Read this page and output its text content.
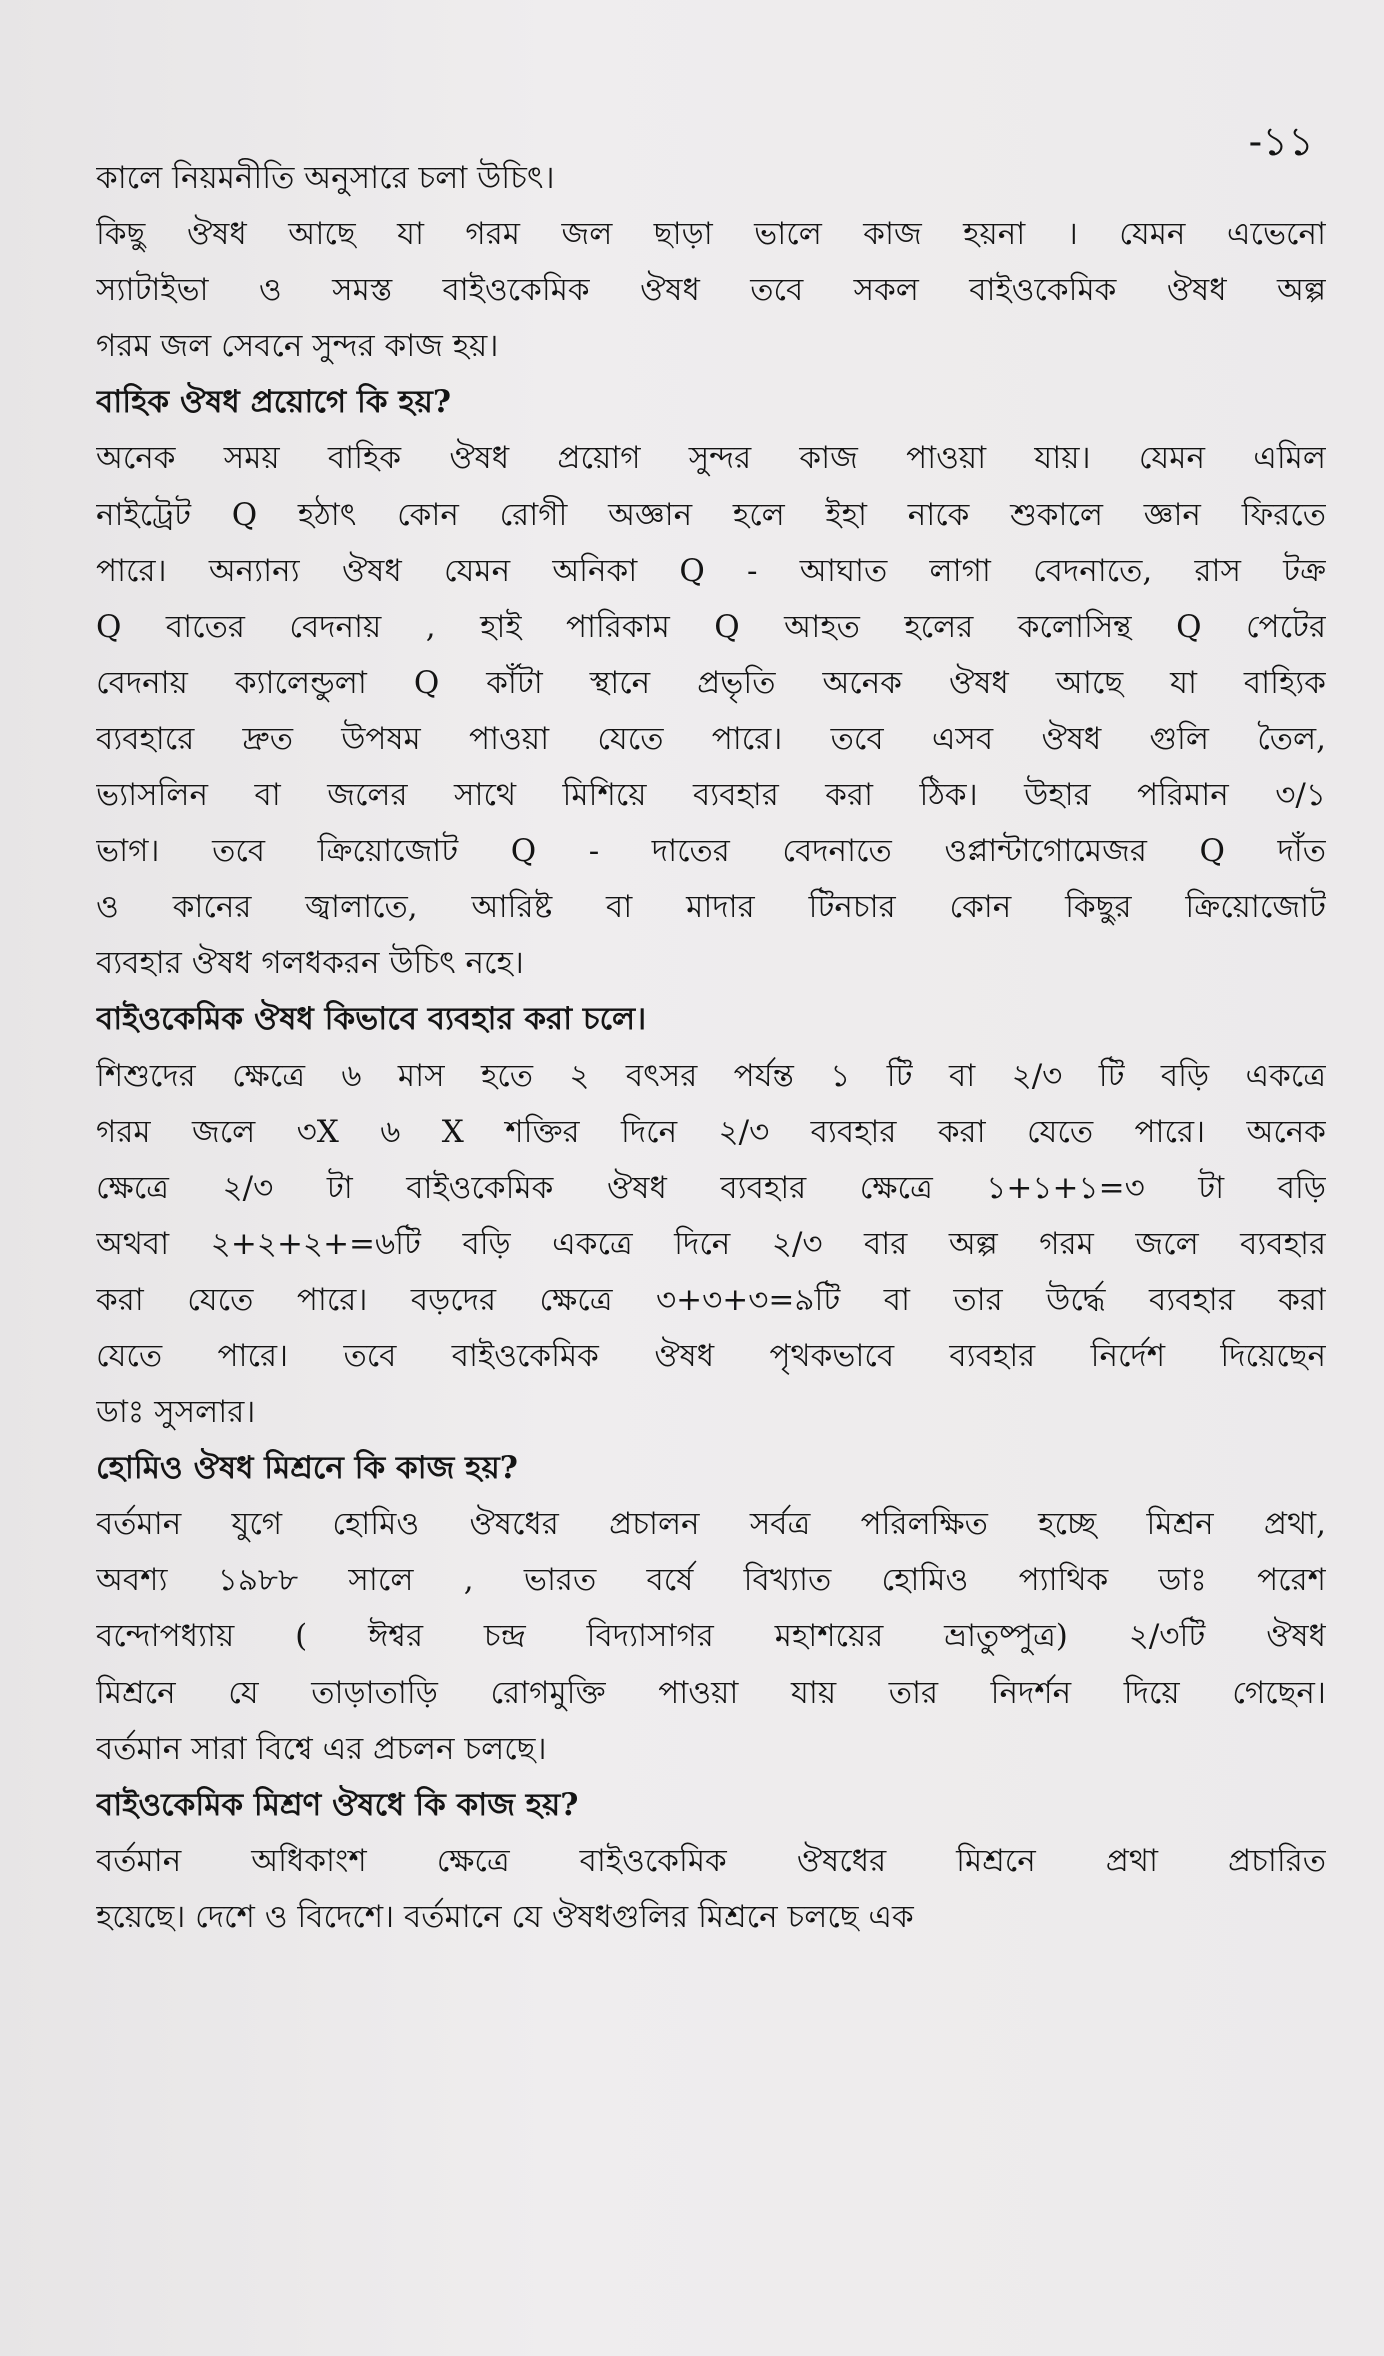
-১১
কালে নিয়মনীতি অনুসারে চলা উচিৎ।
কিছু ঔষধ আছে যা গরম জল ছাড়া ভালে কাজ হয়না । যেমন এভেনো
স্যাটাইভা ও সমস্ত বাইওকেমিক ঔষধ তবে সকল বাইওকেমিক ঔষধ অল্প
গরম জল সেবনে সুন্দর কাজ হয়।
বাহিক ঔষধ প্রয়োগে কি হয়?
অনেক সময় বাহিক ঔষধ প্রয়োগ সুন্দর কাজ পাওয়া যায়। যেমন এমিল
নাইট্রেট Q হঠাৎ কোন রোগী অজ্ঞান হলে ইহা নাকে শুকালে জ্ঞান ফিরতে
পারে। অন্যান্য ঔষধ যেমন অনিকা Q - আঘাত লাগা বেদনাতে, রাস টক্র
Q বাতের বেদনায় , হাই পারিকাম Q আহত হলের কলোসিন্থ Q পেটের
বেদনায় ক্যালেন্ডুলা Q কাঁটা স্থানে প্রভৃতি অনেক ঔষধ আছে যা বাহ্যিক
ব্যবহারে দ্রুত উপষম পাওয়া যেতে পারে। তবে এসব ঔষধ গুলি তৈল,
ভ্যাসলিন বা জলের সাথে মিশিয়ে ব্যবহার করা ঠিক। উহার পরিমান ৩/১
ভাগ। তবে ক্রিয়োজোট Q - দাতের বেদনাতে ওপ্লান্টাগোমেজর Q দাঁত
ও কানের জ্বালাতে, আরিষ্ট বা মাদার টিনচার কোন কিছুর ক্রিয়োজোট
ব্যবহার ঔষধ গলধকরন উচিৎ নহে।
বাইওকেমিক ঔষধ কিভাবে ব্যবহার করা চলে।
শিশুদের ক্ষেত্রে ৬ মাস হতে ২ বৎসর পর্যন্ত ১ টি বা ২/৩ টি বড়ি একত্রে
গরম জলে ৩X ৬ X শক্তির দিনে ২/৩ ব্যবহার করা যেতে পারে। অনেক
ক্ষেত্রে ২/৩ টা বাইওকেমিক ঔষধ ব্যবহার ক্ষেত্রে ১+১+১=৩ টা বড়ি
অথবা ২+২+২+=৬টি বড়ি একত্রে দিনে ২/৩ বার অল্প গরম জলে ব্যবহার
করা যেতে পারে। বড়দের ক্ষেত্রে ৩+৩+৩=৯টি বা তার উর্দ্ধে ব্যবহার করা
যেতে পারে। তবে বাইওকেমিক ঔষধ পৃথকভাবে ব্যবহার নির্দেশ দিয়েছেন
ডাঃ সুসলার।
হোমিও ঔষধ মিশ্রনে কি কাজ হয়?
বর্তমান যুগে হোমিও ঔষধের প্রচালন সর্বত্র পরিলক্ষিত হচ্ছে মিশ্রন প্রথা,
অবশ্য ১৯৮৮ সালে , ভারত বর্ষে বিখ্যাত হোমিও প্যাথিক ডাঃ পরেশ
বন্দোপধ্যায় ( ঈশ্বর চন্দ্র বিদ্যাসাগর মহাশয়ের ভ্রাতুষ্পুত্র) ২/৩টি ঔষধ
মিশ্রনে যে তাড়াতাড়ি রোগমুক্তি পাওয়া যায় তার নিদর্শন দিয়ে গেছেন।
বর্তমান সারা বিশ্বে এর প্রচলন চলছে।
বাইওকেমিক মিশ্রণ ঔষধে কি কাজ হয়?
বর্তমান অধিকাংশ ক্ষেত্রে বাইওকেমিক ঔষধের মিশ্রনে প্রথা প্রচারিত
হয়েছে। দেশে ও বিদেশে। বর্তমানে যে ঔষধগুলির মিশ্রনে চলছে এক
